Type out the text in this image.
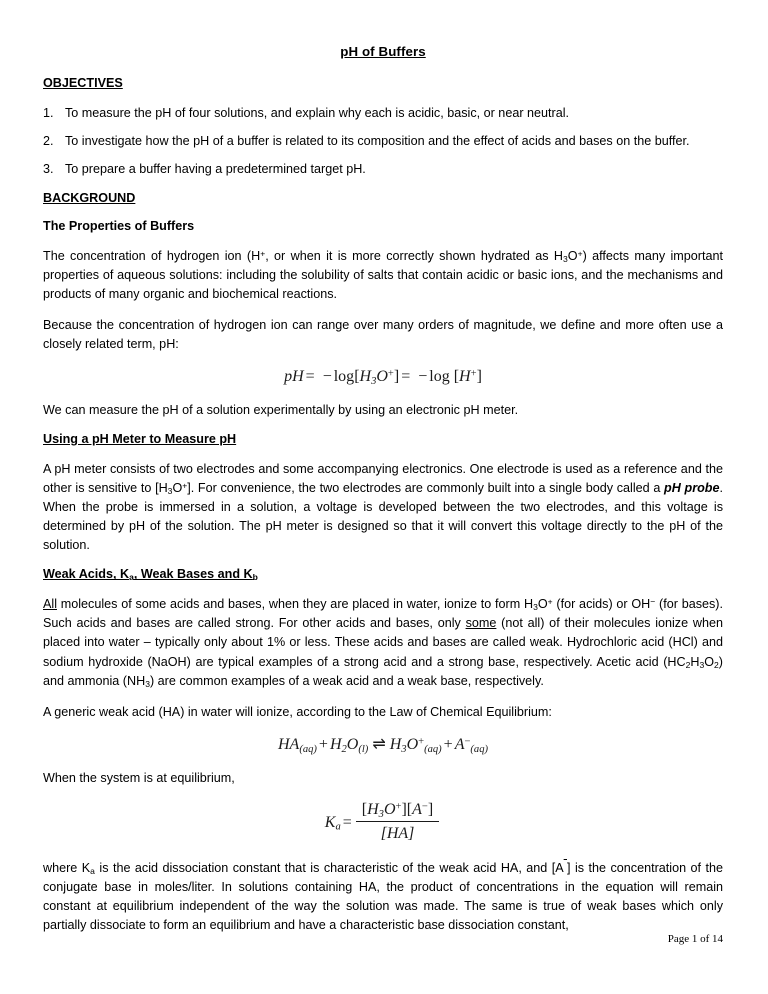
pH of Buffers
OBJECTIVES
To measure the pH of four solutions, and explain why each is acidic, basic, or near neutral.
To investigate how the pH of a buffer is related to its composition and the effect of acids and bases on the buffer.
To prepare a buffer having a predetermined target pH.
BACKGROUND
The Properties of Buffers

The concentration of hydrogen ion (H+, or when it is more correctly shown hydrated as $H_3O^+$) affects many important properties of aqueous solutions: including the solubility of salts that contain acidic or basic ions, and the mechanisms and products of many organic and biochemical reactions.

Because the concentration of hydrogen ion can range over many orders of magnitude, we define and more often use a closely related term, pH:

pH = − $\log[H_3O^+]$ = − log [H+]

We can measure the pH of a solution experimentally by using an electronic pH meter.

Using a pH Meter to Measure pH

A pH meter consists of two electrodes and some accompanying electronics. One electrode is used as a reference and the other is sensitive to $[H_3O^+]$. For convenience, the two electrodes are commonly built into a single body called a pH probe. When the probe is immersed in a solution, a voltage is developed between the two electrodes, and this voltage is determined by pH of the solution. The pH meter is designed so that it will convert this voltage directly to the pH of the solution.

Weak Acids, $K_a$, Weak Bases and $K_b$

All molecules of some acids and bases, when they are placed in water, ionize to form $H_3O^+$ (for acids) or OH− (for bases). Such acids and bases are called strong. For other acids and bases, only some (not all) of their molecules ionize when placed into water – typically only about 1% or less. These acids and bases are called weak. Hydrochloric acid (HCl) and sodium hydroxide (NaOH) are typical examples of a strong acid and a strong base, respectively. Acetic acid $(HC_2H_3O_2)$ and ammonia $(NH_3)$ are common examples of a weak acid and a weak base, respectively.

A generic weak acid (HA) in water will ionize, according to the Law of Chemical Equilibrium:

$HA_{(aq)} + H_2O_{(l)}$ ⇌ $H_3O^+_{(aq)} + A^-_{(aq)}$

When the system is at equilibrium,

$K_a = \frac{[H_3O^+][A^-]}{[HA]}$

where $K_a$ is the acid dissociation constant that is characteristic of the weak acid HA, and [A ] is the concentration of the conjugate base in moles/liter. In solutions containing HA, the product of concentrations in the equation will remain constant at equilibrium independent of the way the solution was made. The same is true of weak bases which only partially dissociate to form an equilibrium and have a characteristic base dissociation constant,

Page 1 of 14
